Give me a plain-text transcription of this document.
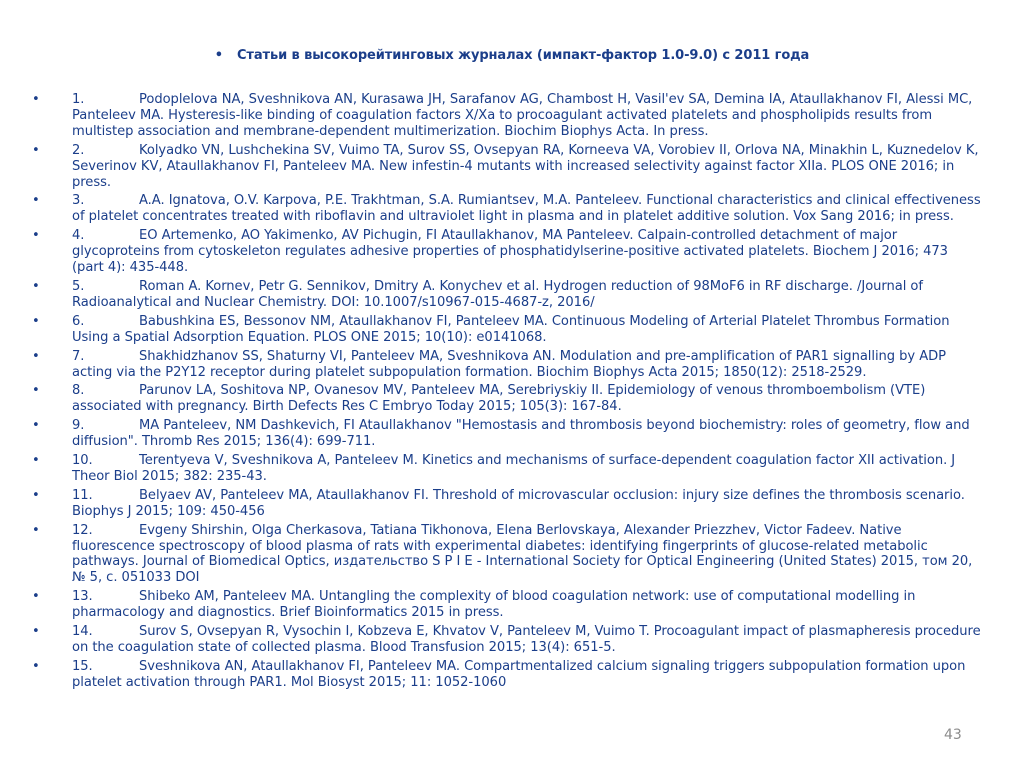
• Статьи в высокорейтинговых журналах (импакт-фактор 1.0-9.0) с 2011 года
• 1.	Podoplelova NA, Sveshnikova AN, Kurasawa JH, Sarafanov AG, Chambost H, Vasil'ev SA, Demina IA, Ataullakhanov FI, Alessi MC, Panteleev MA. Hysteresis-like binding of coagulation factors X/Xa to procoagulant activated platelets and phospholipids results from multistep association and membrane-dependent multimerization. Biochim Biophys Acta. In press.
• 2.	Kolyadko VN, Lushchekina SV, Vuimo TA, Surov SS, Ovsepyan RA, Korneeva VA, Vorobiev II, Orlova NA, Minakhin L, Kuznedelov K, Severinov KV, Ataullakhanov FI, Panteleev MA. New infestin-4 mutants with increased selectivity against factor XIIa. PLOS ONE 2016; in press.
• 3.	A.A. Ignatova, O.V. Karpova, P.E. Trakhtman, S.A. Rumiantsev, M.A. Panteleev. Functional characteristics and clinical effectiveness of platelet concentrates treated with riboflavin and ultraviolet light in plasma and in platelet additive solution. Vox Sang 2016; in press.
• 4.	EO Artemenko, AO Yakimenko, AV Pichugin, FI Ataullakhanov, MA Panteleev. Calpain-controlled detachment of major glycoproteins from cytoskeleton regulates adhesive properties of phosphatidylserine-positive activated platelets. Biochem J 2016; 473 (part 4): 435-448.
• 5.	Roman A. Kornev, Petr G. Sennikov, Dmitry A. Konychev et al. Hydrogen reduction of 98MoF6 in RF discharge. /Journal of Radioanalytical and Nuclear Chemistry. DOI: 10.1007/s10967-015-4687-z, 2016/
• 6.	Babushkina ES, Bessonov NM, Ataullakhanov FI, Panteleev MA. Continuous Modeling of Arterial Platelet Thrombus Formation Using a Spatial Adsorption Equation. PLOS ONE 2015; 10(10): e0141068.
• 7.	Shakhidzhanov SS, Shaturny VI, Panteleev MA, Sveshnikova AN. Modulation and pre-amplification of PAR1 signalling by ADP acting via the P2Y12 receptor during platelet subpopulation formation. Biochim Biophys Acta 2015; 1850(12): 2518-2529.
• 8.	Parunov LA, Soshitova NP, Ovanesov MV, Panteleev MA, Serebriyskiy II. Epidemiology of venous thromboembolism (VTE) associated with pregnancy. Birth Defects Res C Embryo Today 2015; 105(3): 167-84.
• 9.	MA Panteleev, NM Dashkevich, FI Ataullakhanov "Hemostasis and thrombosis beyond biochemistry: roles of geometry, flow and diffusion". Thromb Res 2015; 136(4): 699-711.
• 10.	Terentyeva V, Sveshnikova A, Panteleev M. Kinetics and mechanisms of surface-dependent coagulation factor XII activation. J Theor Biol 2015; 382: 235-43.
• 11.	Belyaev AV, Panteleev MA, Ataullakhanov FI. Threshold of microvascular occlusion: injury size defines the thrombosis scenario. Biophys J 2015; 109: 450-456
• 12.	Evgeny Shirshin, Olga Cherkasova, Tatiana Tikhonova, Elena Berlovskaya, Alexander Priezzhev, Victor Fadeev. Native fluorescence spectroscopy of blood plasma of rats with experimental diabetes: identifying fingerprints of glucose-related metabolic pathways. Journal of Biomedical Optics, издательство S P I E - International Society for Optical Engineering (United States) 2015, том 20, № 5, с. 051033 DOI
• 13.	Shibeko AM, Panteleev MA. Untangling the complexity of blood coagulation network: use of computational modelling in pharmacology and diagnostics. Brief Bioinformatics 2015 in press.
• 14.	Surov S, Ovsepyan R, Vysochin I, Kobzeva E, Khvatov V, Panteleev M, Vuimo T. Procoagulant impact of plasmapheresis procedure on the coagulation state of collected plasma. Blood Transfusion 2015; 13(4): 651-5.
• 15.	Sveshnikova AN, Ataullakhanov FI, Panteleev MA. Compartmentalized calcium signaling triggers subpopulation formation upon platelet activation through PAR1. Mol Biosyst 2015; 11: 1052-1060
43
